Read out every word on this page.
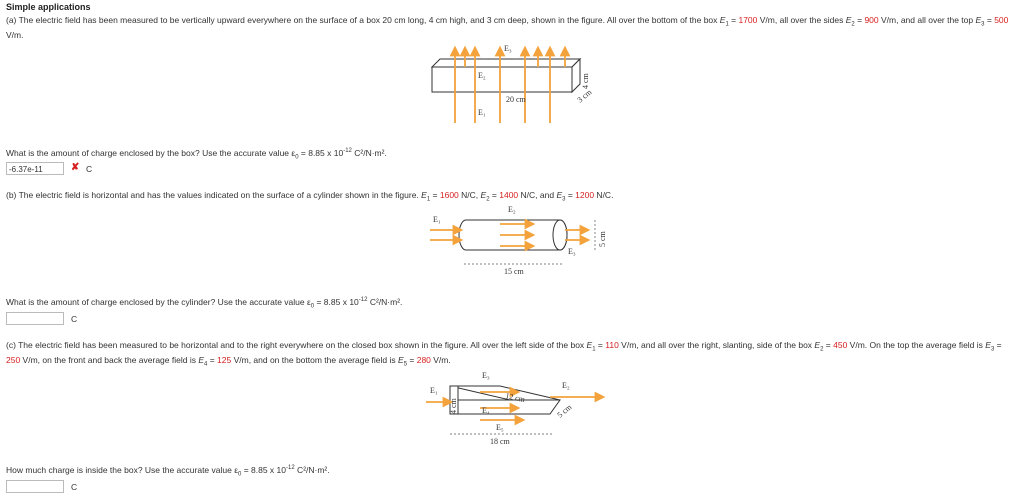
Simple applications
(a) The electric field has been measured to be vertically upward everywhere on the surface of a box 20 cm long, 4 cm high, and 3 cm deep, shown in the figure. All over the bottom of the box $E_1 = 1700$ V/m, all over the sides $E_2 = 900$ V/m, and all over the top $E_3 = 500$ V/m.
E₃
E₂
E₁
20 cm
4 cm
3 cm
What is the amount of charge enclosed by the box? Use the accurate value $\varepsilon_0 = 8.85$ x $10^{-12}$ C²/N·m².
-6.37e-11	✘ C
(b) The electric field is horizontal and has the values indicated on the surface of a cylinder shown in the figure. $E_1 = 1600$ N/C, $E_2 = 1400$ N/C, and $E_3 = 1200$ N/C.
E₁
E₂
E₃
15 cm
5 cm
What is the amount of charge enclosed by the cylinder? Use the accurate value $\varepsilon_0 = 8.85$ x $10^{-12}$ C²/N·m².
C
(c) The electric field has been measured to be horizontal and to the right everywhere on the closed box shown in the figure. All over the left side of the box $E_1 = 110$ V/m, and all over the right, slanting, side of the box $E_2 = 450$ V/m. On the top the average field is $E_3 = 250$ V/m, on the front and back the average field is $E_4 = 125$ V/m, and on the bottom the average field is $E_5 = 280$ V/m.
E₁
E₃
E₂
E₄
E₅
12 cm
4 cm	5 cm
18 cm
How much charge is inside the box? Use the accurate value $\varepsilon_0 = 8.85$ x $10^{-12}$ C²/N·m².
C
